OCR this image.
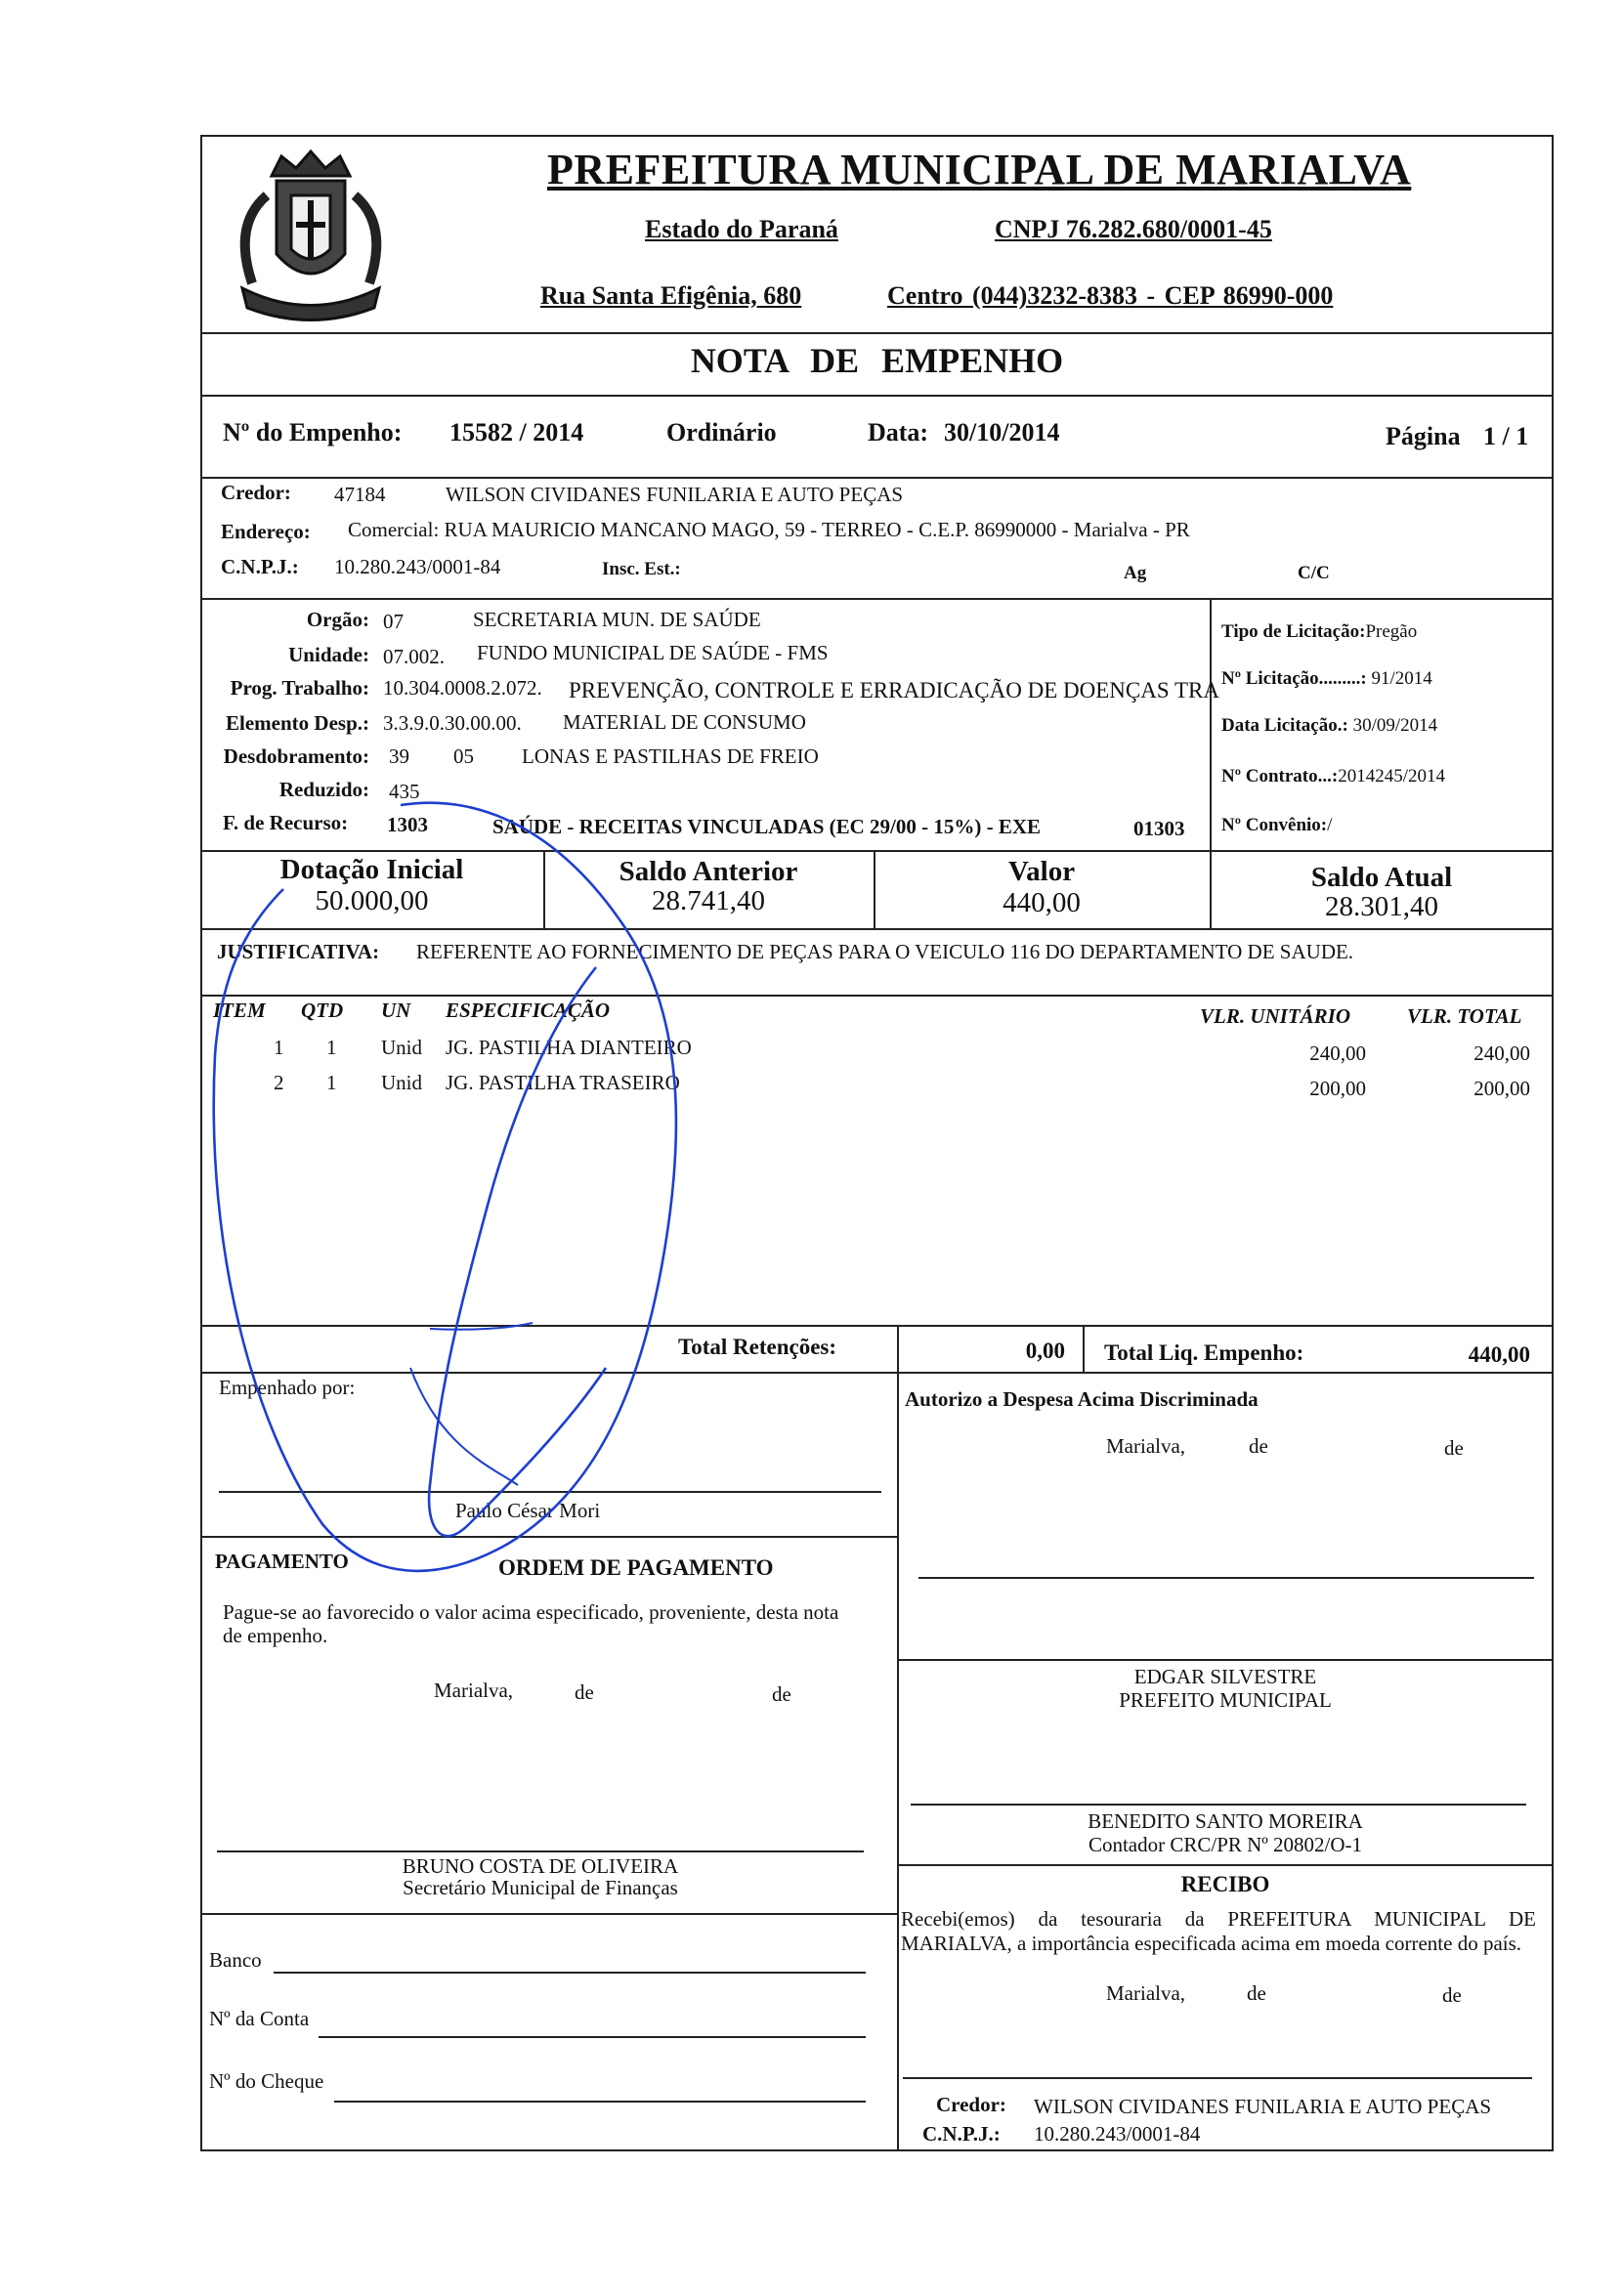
PREFEITURA MUNICIPAL DE MARIALVA
Estado do Paraná	CNPJ 76.282.680/0001-45
Rua Santa Efigênia, 680	Centro (044)3232-8383 - CEP 86990-000
NOTA DE EMPENHO
Nº do Empenho: 15582 / 2014	Ordinário	Data: 30/10/2014	Página 1 / 1
Credor: 47184	WILSON CIVIDANES FUNILARIA E AUTO PEÇAS
Endereço: Comercial: RUA MAURICIO MANCANO MAGO, 59 - TERREO - C.E.P. 86990000 - Marialva - PR
C.N.P.J.: 10.280.243/0001-84	Insc. Est.:	Ag	C/C
Orgão: 07	SECRETARIA MUN. DE SAÚDE
Unidade: 07.002. FUNDO MUNICIPAL DE SAÚDE - FMS
Prog. Trabalho: 10.304.0008.2.072. PREVENÇÃO, CONTROLE E ERRADICAÇÃO DE DOENÇAS TRA
Elemento Desp.: 3.3.9.0.30.00.00. MATERIAL DE CONSUMO
Desdobramento: 39 05 LONAS E PASTILHAS DE FREIO
Reduzido: 435
F. de Recurso: 1303	SAÚDE - RECEITAS VINCULADAS (EC 29/00 - 15%) - EXE	01303
Tipo de Licitação:Pregão
Nº Licitação.........: 91/2014
Data Licitação.: 30/09/2014
Nº Contrato...:2014245/2014
Nº Convênio:/
Dotação Inicial
50.000,00
Saldo Anterior
28.741,40
Valor
440,00
Saldo Atual
28.301,40
JUSTIFICATIVA: REFERENTE AO FORNECIMENTO DE PEÇAS PARA O VEICULO 116 DO DEPARTAMENTO DE SAUDE.
ITEM QTD UN ESPECIFICAÇÃO	VLR. UNITÁRIO	VLR. TOTAL
1 1 Unid JG. PASTILHA DIANTEIRO	240,00	240,00
2 1 Unid JG. PASTILHA TRASEIRO	200,00	200,00
Total Retenções:	0,00 Total Liq. Empenho:	440,00
Empenhado por:
Paulo César Mori
PAGAMENTO	ORDEM DE PAGAMENTO
Pague-se ao favorecido o valor acima especificado, proveniente, desta nota de empenho.
Marialva,	de	de
BRUNO COSTA DE OLIVEIRA
Secretário Municipal de Finanças
Banco
Nº da Conta
Nº do Cheque
Autorizo a Despesa Acima Discriminada
Marialva,	de	de
EDGAR SILVESTRE
PREFEITO MUNICIPAL
BENEDITO SANTO MOREIRA
Contador CRC/PR Nº 20802/O-1
RECIBO
Recebi(emos) da tesouraria da PREFEITURA MUNICIPAL DE MARIALVA, a importância especificada acima em moeda corrente do país.
Marialva,	de	de
Credor: WILSON CIVIDANES FUNILARIA E AUTO PEÇAS
C.N.P.J.: 10.280.243/0001-84
